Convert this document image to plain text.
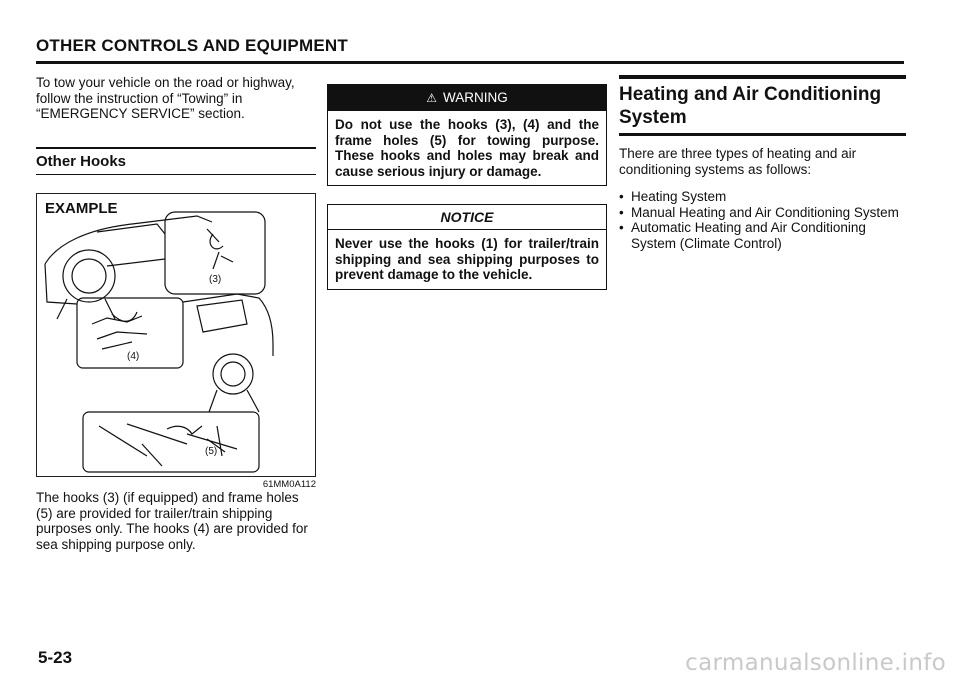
OTHER CONTROLS AND EQUIPMENT

To tow your vehicle on the road or highway, follow the instruction of “Towing” in “EMERGENCY SERVICE” section.

Other Hooks
EXAMPLE
(3)
(4)
(5)
61MM0A112

The hooks (3) (if equipped) and frame holes (5) are provided for trailer/train shipping purposes only. The hooks (4) are provided for sea shipping purpose only.

⚠ WARNING
Do not use the hooks (3), (4) and the frame holes (5) for towing purpose. These hooks and holes may break and cause serious injury or damage.
NOTICE
Never use the hooks (1) for trailer/train shipping and sea shipping purposes to prevent damage to the vehicle.
Heating and Air Conditioning System

There are three types of heating and air conditioning systems as follows:

• Heating System
• Manual Heating and Air Conditioning System
• Automatic Heating and Air Conditioning System (Climate Control)
5-23	carmanualsonline.info
